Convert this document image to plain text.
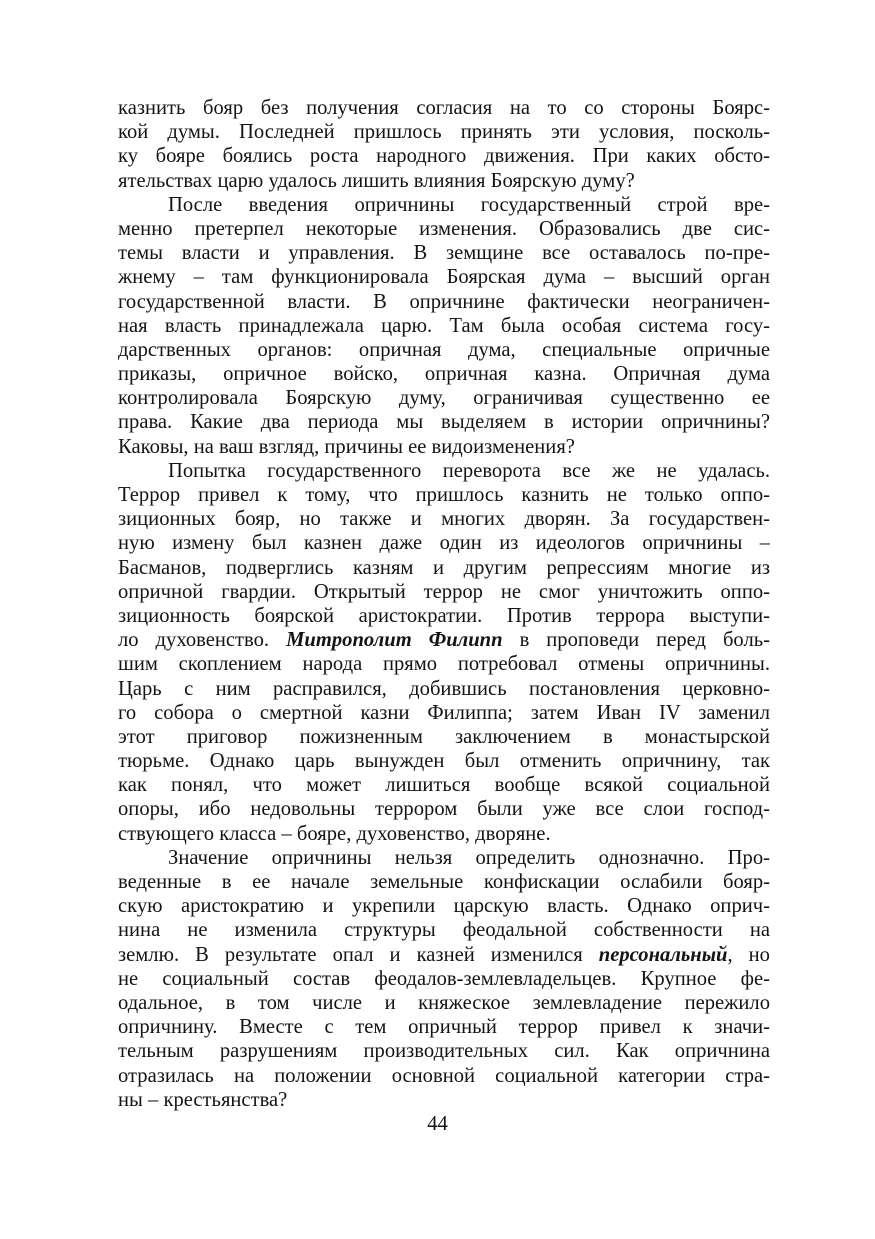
казнить бояр без получения согласия на то со стороны Боярс-
кой думы. Последней пришлось принять эти условия, посколь-
ку бояре боялись роста народного движения. При каких обсто-
ятельствах царю удалось лишить влияния Боярскую думу?
После введения опричнины государственный строй вре-
менно претерпел некоторые изменения. Образовались две сис-
темы власти и управления. В земщине все оставалось по-пре-
жнему – там функционировала Боярская дума – высший орган
государственной власти. В опричнине фактически неограничен-
ная власть принадлежала царю. Там была особая система госу-
дарственных органов: опричная дума, специальные опричные
приказы, опричное войско, опричная казна. Опричная дума
контролировала Боярскую думу, ограничивая существенно ее
права. Какие два периода мы выделяем в истории опричнины?
Каковы, на ваш взгляд, причины ее видоизменения?
Попытка государственного переворота все же не удалась.
Террор привел к тому, что пришлось казнить не только оппо-
зиционных бояр, но также и многих дворян. За государствен-
ную измену был казнен даже один из идеологов опричнины –
Басманов, подверглись казням и другим репрессиям многие из
опричной гвардии. Открытый террор не смог уничтожить оппо-
зиционность боярской аристократии. Против террора выступи-
ло духовенство. Митрополит Филипп в проповеди перед боль-
шим скоплением народа прямо потребовал отмены опричнины.
Царь с ним расправился, добившись постановления церковно-
го собора о смертной казни Филиппа; затем Иван IV заменил
этот приговор пожизненным заключением в монастырской
тюрьме. Однако царь вынужден был отменить опричнину, так
как понял, что может лишиться вообще всякой социальной
опоры, ибо недовольны террором были уже все слои господ-
ствующего класса – бояре, духовенство, дворяне.
Значение опричнины нельзя определить однозначно. Про-
веденные в ее начале земельные конфискации ослабили бояр-
скую аристократию и укрепили царскую власть. Однако оприч-
нина не изменила структуры феодальной собственности на
землю. В результате опал и казней изменился персональный, но
не социальный состав феодалов-землевладельцев. Крупное фе-
одальное, в том числе и княжеское землевладение пережило
опричнину. Вместе с тем опричный террор привел к значи-
тельным разрушениям производительных сил. Как опричнина
отразилась на положении основной социальной категории стра-
ны – крестьянства?
44
